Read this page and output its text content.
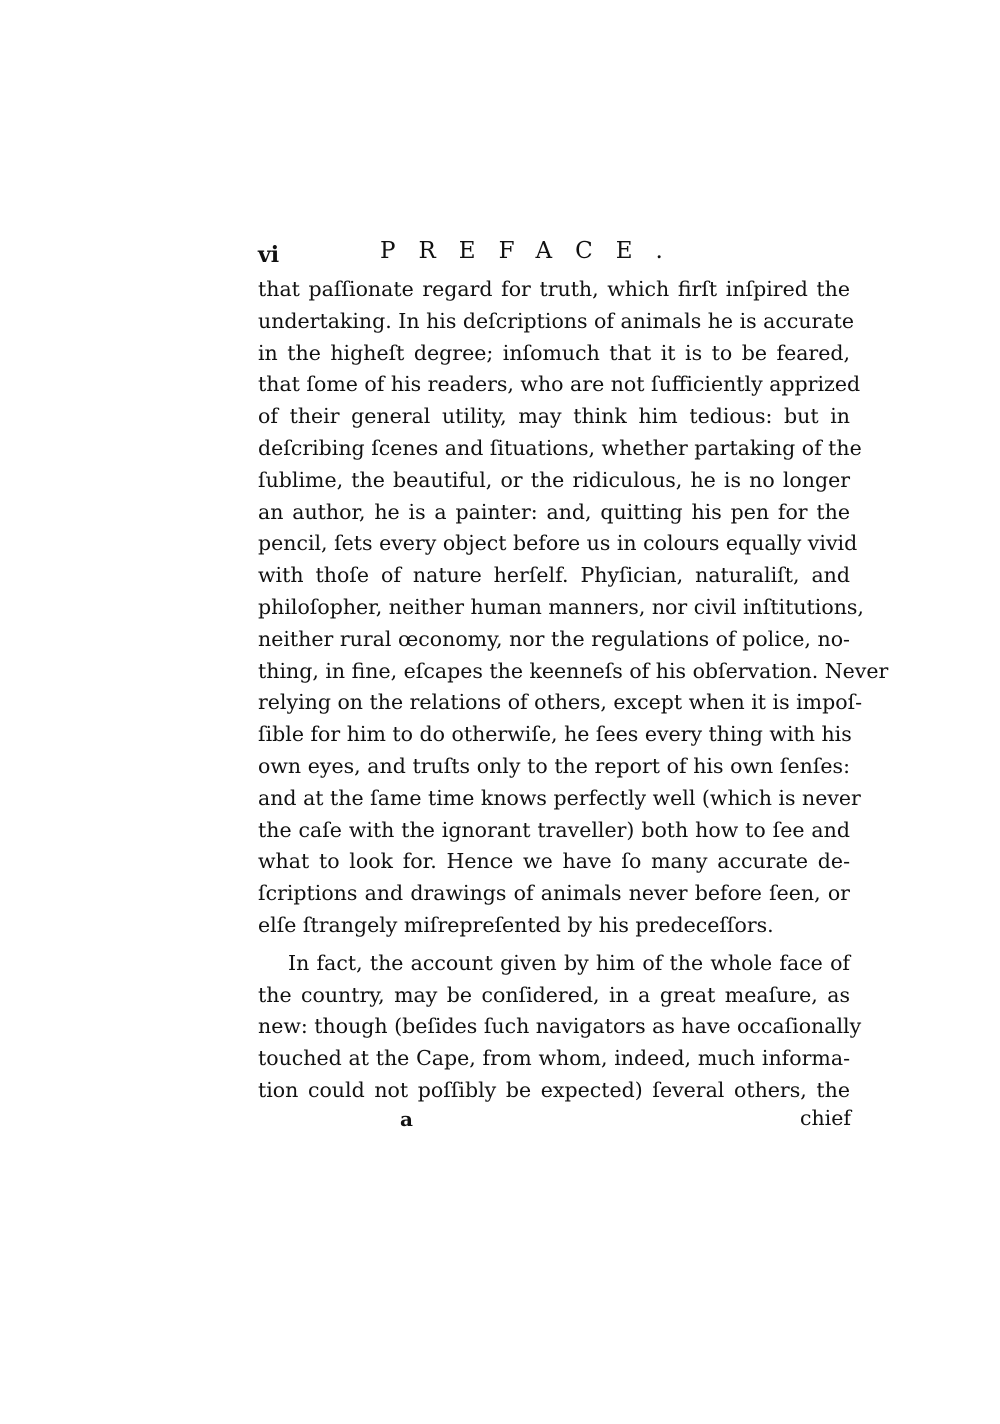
vi	PREFACE.
that paſſionate regard for truth, which firſt inſpired the
undertaking. In his deſcriptions of animals he is accurate
in the higheſt degree; inſomuch that it is to be feared,
that ſome of his readers, who are not ſufficiently apprized
of their general utility, may think him tedious: but in
deſcribing ſcenes and ſituations, whether partaking of the
ſublime, the beautiful, or the ridiculous, he is no longer
an author, he is a painter: and, quitting his pen for the
pencil, ſets every object before us in colours equally vivid
with thoſe of nature herſelf. Phyſician, naturaliſt, and
philoſopher, neither human manners, nor civil inſtitutions,
neither rural œconomy, nor the regulations of police, no-
thing, in fine, eſcapes the keenneſs of his obſervation. Never
relying on the relations of others, except when it is impoſ-
ſible for him to do otherwiſe, he ſees every thing with his
own eyes, and truſts only to the report of his own ſenſes:
and at the ſame time knows perfectly well (which is never
the caſe with the ignorant traveller) both how to ſee and
what to look for. Hence we have ſo many accurate de-
ſcriptions and drawings of animals never before ſeen, or
elſe ſtrangely miſrepreſented by his predeceſſors.
In fact, the account given by him of the whole face of
the country, may be conſidered, in a great meaſure, as
new: though (beſides ſuch navigators as have occaſionally
touched at the Cape, from whom, indeed, much informa-
tion could not poſſibly be expected) ſeveral others, the
a	chief
